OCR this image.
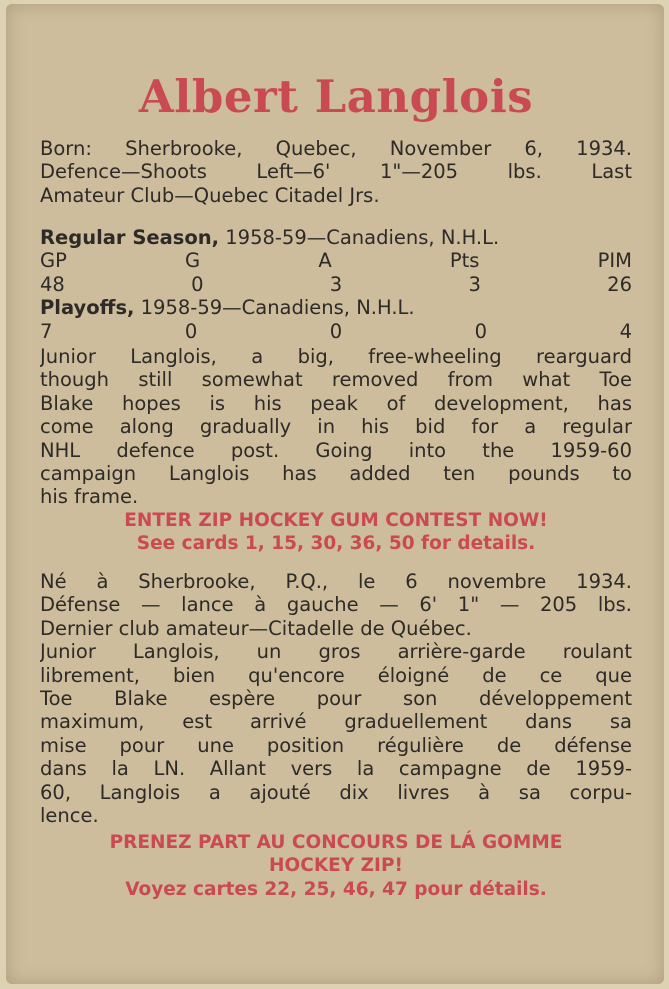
Albert Langlois
Born: Sherbrooke, Quebec, November 6, 1934.
Defence—Shoots Left—6' 1"—205 lbs. Last
Amateur Club—Quebec Citadel Jrs.
Regular Season, 1958-59—Canadiens, N.H.L.
GP	G	A	Pts	PIM
48	0	3	3	26
Playoffs, 1958-59—Canadiens, N.H.L.
7	0	0	0	4
Junior Langlois, a big, free-wheeling rearguard
though still somewhat removed from what Toe
Blake hopes is his peak of development, has
come along gradually in his bid for a regular
NHL defence post. Going into the 1959-60
campaign Langlois has added ten pounds to
his frame.
ENTER ZIP HOCKEY GUM CONTEST NOW!
See cards 1, 15, 30, 36, 50 for details.
Né à Sherbrooke, P.Q., le 6 novembre 1934.
Défense — lance à gauche — 6' 1" — 205 lbs.
Dernier club amateur—Citadelle de Québec.
Junior Langlois, un gros arrière-garde roulant
librement, bien qu'encore éloigné de ce que
Toe Blake espère pour son développement
maximum, est arrivé graduellement dans sa
mise pour une position régulière de défense
dans la LN. Allant vers la campagne de 1959-
60, Langlois a ajouté dix livres à sa corpu-
lence.
PRENEZ PART AU CONCOURS DE LÁ GOMME
HOCKEY ZIP!
Voyez cartes 22, 25, 46, 47 pour détails.
